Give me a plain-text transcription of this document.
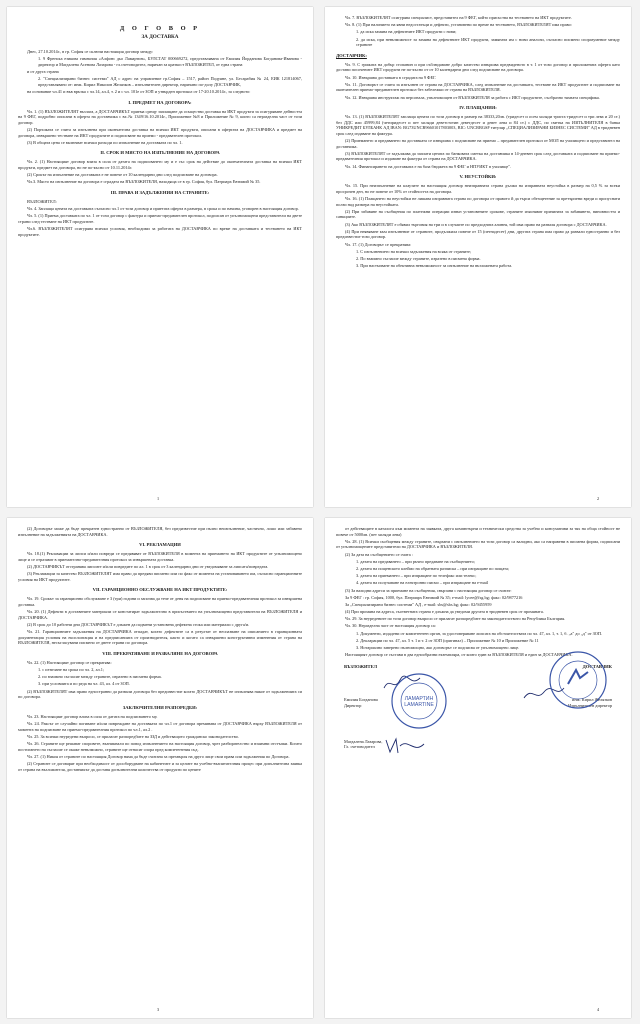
Д О Г О В О Р
ЗА ДОСТАВКА

Днес, 27.10.2014г., в гр. София се сключи настоящия договор между:

1. 9 Френска езикова гимназия «Алфонс дьо Ламартин», БУЛСТАТ 000669272, представлявана от Емилия Йорданова Богданова-Иванова - директор и Магдалена Асенова Лазарова - гл.счетоводител, наричан за краткост ВЪЗЛОЖИТЕЛ, от една страна

и от друга страна

2. "Специализирани бизнес системи" АД с адрес на управление гр.София – 1517, район Подуяне, ул. Бесарабия № 24, ЕИК 121814067, представлявано от: инж. Кирил Николов Желязков – изпълнителен директор, наричано по-долу ДОСТАВЧИК,

на основание чл.41 и във връзка с чл.14, ал.4, т. 2 и с чл. 101е от ЗОП и утвърден протокол от 17-20.10.2014г., за следното:

I. ПРЕДМЕТ НА ДОГОВОРА:

Чл. 1. (1) ВЪЗЛОЖИТЕЛЯТ възлага, а ДОСТАВЧИКЪТ приема срещу заплащане да осъществи доставка на ИКТ продукти за осигуряване дейността на 9 ФЕГ, подробно описани в оферта на доставчика с вх.№ 1349/16.10.2014г., Приложение №8 и Приложение № 9, които са неразделна част от този договор.

(2) Поръчката се счита за изпълнена при окончателна доставка на всички ИКТ продукти, описани в офертата на ДОСТАВЧИКА и предмет на договора, извършено тестване на ИКТ продуктите и подписване на приемо - предавателен протокол.

(3) В общата цена се включват всички разходи по изпълнение на доставката по чл. 1.

II. СРОК И МЯСТО НА ИЗПЪЛНЕНИЕ НА ДОГОВОРА

Чл. 2. (1) Настоящият договор влиза в сила от датата на подписването му и е със срок на действие до окончателната доставка на всички ИКТ продукти, предмет на договора, но не по-късно от 10.11.2014г.

(2) Срокът на изпълнение на доставката е не повече от 10 календарни дни след подписване на договора.

Чл.3. Място на изпълнение на договора е сградата на ВЪЗЛОЖИТЕЛЯ, находяща се в гр. София, бул. Патриарх Евтимий № 35.

III. ПРАВА И ЗАДЪЛЖЕНИЯ НА СТРАНИТЕ:

ВЪЗЛОЖИТЕЛ:

Чл. 4. Заплаща цената на доставката съгласно чл.1 от този договор и приетата оферта в размера, в срока и по начина, уговорен в настоящия договор.

Чл. 5. (1) Приема доставката по чл. 1 от този договор с фактура и приемо-предавателен протокол, подписан от упълномощени представители на двете страни след тестване на ИКТ продуктите.

Чл.6. ВЪЗЛОЖИТЕЛЯТ осигурява всички условия, необходими за работата на ДОСТАВЧИКА по време на доставката и тестването на ИКТ продуктите.

1

Чл. 7. ВЪЗЛОЖИТЕЛЯТ осигурява специалист, представител на 9 ФЕГ, който присъства на тестването на ИКТ продуктите.

Чл. 8. (1) При наличието на явни недостатъци и дефекти, установени по време на тестването, ВЪЗЛОЖИТЕЛЯТ има право:

1. да иска замяна на дефектните ИКТ продукти с нови;

2. да иска, при невъзможност за замяна на дефектните ИКТ продукти, замяната им с нови аналози, съгласно писмено споразумение между страните

ДОСТАВЧИК:

Чл. 9. С грижата на добър стопанин и при съблюдаване добро качество извършва предвиденото в т. 1 от този договор и приложената оферта като достави посочените ИКТ продукти не по-късно от от 10 календарни дни след подписване на договора.

Чл. 10. Извършва доставката в сградата на 9 ФЕГ.

Чл. 11. Договорът се счита за изпълнен от страна на ДОСТАВЧИКА, след изпълнение на доставката, тестване на ИКТ продуктите и подписване на окончателен приемо-предавателен протокол без забележки от страна на ВЪЗЛОЖИТЕЛЯ.

Чл. 12. Извършва инструктаж на персонала, упълномощен от ВЪЗЛОЖИТЕЛЯ за работа с ИКТ продуктите, съобразно тяхната специфика.

IV. ПЛАЩАНИЯ:

Чл. 13. (1) ВЪЗЛОЖИТЕЛЯТ заплаща цената по този договор в размер на 38333,20лв. (тридесет и осем хиляди триста тридесет и три лева и 20 ст.) без ДДС или 45999,84 (четиридесет и пет хиляди деветстотин деветдесет и девет лева и 84 ст.) с ДДС, по сметка на ИЗПЪЛНИТЕЛЯ в банка УНИКРЕДИТ БУЛБАНК АД IBAN: BG73UNCR96601017803003, BIC: UNCRBGSF титуляр „СПЕЦИАЛИЗИРАНИ БИЗНЕС СИСТЕМИ" АД в тридневен срок след издаване на фактура.

(2) Приемането и предаването на доставката се извършва с подписване на приемо – предавателен протокол от МОЛ на училището и представител на доставчика.

(3) ВЪЗЛОЖИТЕЛЯТ се задължава да заплати цената по банковата сметка на доставчика в 14-дневен срок след доставката и подписване на приемо-предавателния протокол и издаване на фактура от страна на ДОСТАВЧИКА.

Чл. 14. Финансирането на доставката е на база бюджета на 9 ФЕГ и НПУИКТ в училище".

V. НЕУСТОЙКИ:

Чл. 15. При неизпълнение на клаузите на настоящия договор неизправната страна дължи на изправната неустойка в размер на 0,5 % за всеки просрочен ден, но не повече от 10% от стойността на договора.

Чл. 16. (1) Плащането на неустойки не лишава изправната страна по договора от правото й да търси обезщетение за претърпени вреди и пропуснати ползи над размера на неустойката.

(2) При забавяне на съобщения по платежни операции извън установените срокове, страните изясняват причината за забавянето, виновността и санкциите.

(3) Ако ВЪЗЛОЖИТЕЛЯТ е обявил търговия на три и в случаите по предходната алинея, той има право на разваля договора с ДОСТАВЧИКА.

(4) При неявяване към изпълнение от страните, продължила повече от 15 (петнадесет) дни, другата страна има право да развали едностранно и без предизвестие този договор.

Чл. 17. (1) Договорът се прекратява:

1. С изпълнението на всички задължения на всяка от страните;

2. По взаимно съгласие между страните, изразено в писмена форма.

3. При настъпване на обективна невъзможност за изпълнение на възложената работа.

2

(2) Договорът може да бъде прекратен едностранно от ВЪЗЛОЖИТЕЛЯ, без предизвестие при пълно неизпълнение, частично, лошо или забавено изпълнение на задълженията на ДОСТАВЧИКА.

VI. РЕКЛАМАЦИИ

Чл. 18.(1) Рекламации за липси и/или повреди се предявяват от ВЪЗЛОЖИТЕЛЯ в момента на приемането на ИКТ продуктите от упълномощено лице и се отразяват в приемателно-предавателния протокол за извършената доставка.

(2) ДОСТАВЧИКЪТ отстранява липсите и/или повредите по ал. 1 в срок от 3 календарни дни от уведомяване за липсата/повредата.

(3) Рекламации за качество ВЪЗЛОЖИТЕЛЯТ има право да предяви писмено или по факс от момента на установяването им, съгласно гаранционните условия на ИКТ продуктите.

VII. ГАРАНЦИОННО ОБСЛУЖВАНЕ НА ИКТ ПРОДУКТИТЕ:

Чл. 19. Срокът за гаранционно обслужване е 3 (три) години и започва да тече от деня на подписване на приемо-предавателния протокол за извършена доставка.

Чл. 20. (1) Дефекти в доставените материали се констатират задължително в присъствието на упълномощени представители на ВЪЗЛОЖИТЕЛЯ и ДОСТАВЧИКА.

(2) В срок до 10 работни дни ДОСТАВЧИКЪТ е длъжен да подмени установена дефектна стока или материали с друга/и.

Чл. 21. Гаранционните задължения на ДОСТАВЧИКА отпадат, когато дефектите са в резултат от неспазване на описанието в гаранционната документация условия на експлоатация и на предписанията от производителя, както и когато са извършени конструктивни изменения от страна на ВЪЗЛОЖИТЕЛЯ, несъгласувани писмено от двете страни по договора.

VIII. ПРЕКРАТЯВАНЕ И РАЗВАЛЯНЕ НА ДОГОВОРА

Чл. 22. (1) Настоящият договор се прекратява:

1. с изтичане на срока по чл. 2, ал.1;

2. по взаимно съгласие между страните, изразено в писмена форма.

3. при условията и по реда на чл. 43, ал. 4 от ЗОП.

(2) ВЪЗЛОЖИТЕЛЯТ има право едностранно да развали договора без предизвестие когато ДОСТАВЧИКЪТ не изпълнява някое от задълженията си по договора.

ЗАКЛЮЧИТЕЛНИ РАЗПОРЕДБИ:

Чл. 23. Настоящият договор влиза в сила от датата на подписването му.

Чл. 24. Раксът от случайно погиване и/или повреждане на доставката по чл.1 от договора преминава от ДОСТАВЧИКА върху ВЪЗЛОЖИТЕЛЯ от момента на подписване на приемо-предавателния протокол по чл.1, ал.2 .

Чл. 25. За всички неуредени въпроси, се прилагат разпоредбите на ЗЗД и действащото гражданско законодателство.

Чл. 26. Страните ще решават споровете, възникнали по повод изпълнението на настоящия договор, чрез разбирателство и взаимни отстъпки. Когато постигането на съгласие се окаже невъзможно, страните ще отнасят спора пред компетентния съд.

Чл. 27. (1) Никоя от страните по настоящия Договор няма да бъде считана за прехвърля на друго лице свои права или задължения по Договора.

(2) Страните се договарят при необходимост от доооборудване на кабинетите и за целите на учебно-възпитателния процес при допълнителна заявка от страна на възложителя, доставчикът да доставя допълнителни количества от продукти по цените

3

от действащите в каталога към момента на заявката, друга компютърни и технически средства за учебно и консумативи за тях на обща стойност не повече от 5000лв. (пет хиляди лева)

Чл. 28. (1) Всички съобщения между страните, свързани с изпълнението на този договор са валидни, ако са направени в писмена форма, подписани от упълномощените представители на ДОСТАВЧИКА и ВЪЗЛОЖИТЕЛЯ.

(2) За дата на съобщението се счита :

1. датата на предаването – при ръчно предаване на съобщението;

2. датата на пощенското клеймо на обратната разписка – при изпращане по пощата;

3. датата на приемането – при изпращане по телефакс или телекс;

4. датата на получаване на електронно писмо – при изпращане на e-mail

(3) За валидни адреси за приемане на съобщения, свързани с настоящия договор се считат:

За 9 ФЕГ : гр. София, 1000, бул. Патриарх Евтимий № 35; e-mail: lycee@fsg.bg; факс: 02/9877216

За „Специализирани бизнес системи" АД , e-mail: sbs@sbs.bg; факс: 02/9455959

(4) При промяна на адреса, съответната страна е длъжна да уведоми другата в тридневен срок от промяната.

Чл. 29. За неуредените по този договор въпроси се прилагат разпоредбите на законодателството на Република България.

Чл. 30. Неразделна част от настоящия договор са:

1. Документи, издадени от компетентен орган, за удостоверяване липсата на обстоятелствата по чл. 47, ал. 1, т. 1, б. „а" до „д" от ЗОП.

2. Декларации по чл. 47, ал. 5 т. 1 и т. 2 от ЗОП (оригинал) – Приложение № 10 и Приложение № 11

3. Нотариално заверено пълномощно, ако договорът се подписва от упълномощено лице.

Настоящият договор се състави в два еднообразни екземпляра, от които един за ВЪЗЛОЖИТЕЛЯ и един за ДОСТАВЧИКА.

ВЪЗЛОЖИТЕЛ
Емилия Богданова
Директор
Магдалена Лазарова,
Гл. счетоводител
ЛАМАРТИН
LAMARTINE
ДОСТАВЧИК
инж. Кирил Желязков
Изпълнителен директор
4
